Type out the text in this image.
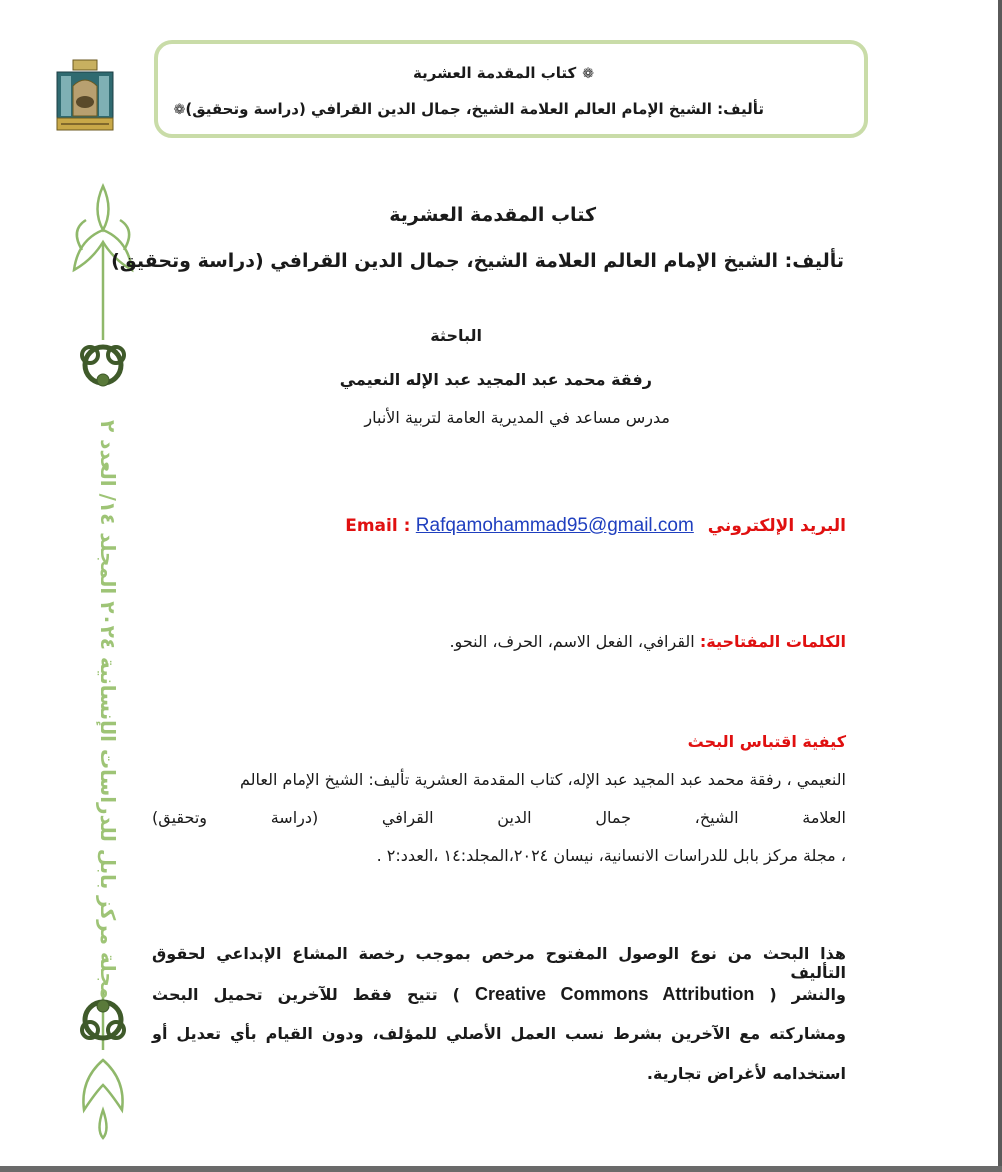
❁كتاب المقدمة العشرية
تأليف: الشيخ الإمام العالم العلامة الشيخ، جمال الدين القرافي (دراسة وتحقيق)❁
مجلة مركز بابل للدراسات الإنسانية ٢٠٢٤ المجلد ١٤/ العدد ٢
كتاب المقدمة العشرية
تأليف: الشيخ الإمام العالم العلامة الشيخ، جمال الدين القرافي (دراسة وتحقيق)
الباحثة
رفقة محمد عبد المجيد عبد الإله النعيمي
مدرس مساعد في المديرية العامة لتربية الأنبار
البريد الإلكتروني Email : Rafqamohammad95@gmail.com
الكلمات المفتاحية: القرافي، الفعل الاسم، الحرف، النحو.
كيفية اقتباس البحث
النعيمي ، رفقة محمد عبد المجيد عبد الإله، كتاب المقدمة العشرية تأليف: الشيخ الإمام العالم
العلامة الشيخ، جمال الدين القرافي (دراسة وتحقيق)
، مجلة مركز بابل للدراسات الانسانية، نيسان ٢٠٢٤،المجلد:١٤ ،العدد:٢ .
هذا البحث من نوع الوصول المفتوح مرخص بموجب رخصة المشاع الإبداعي لحقوق التأليف
والنشر ( Creative Commons Attribution ) تتيح فقط للآخرين تحميل البحث
ومشاركته مع الآخرين بشرط نسب العمل الأصلي للمؤلف، ودون القيام بأي تعديل أو
استخدامه لأغراض تجارية.
